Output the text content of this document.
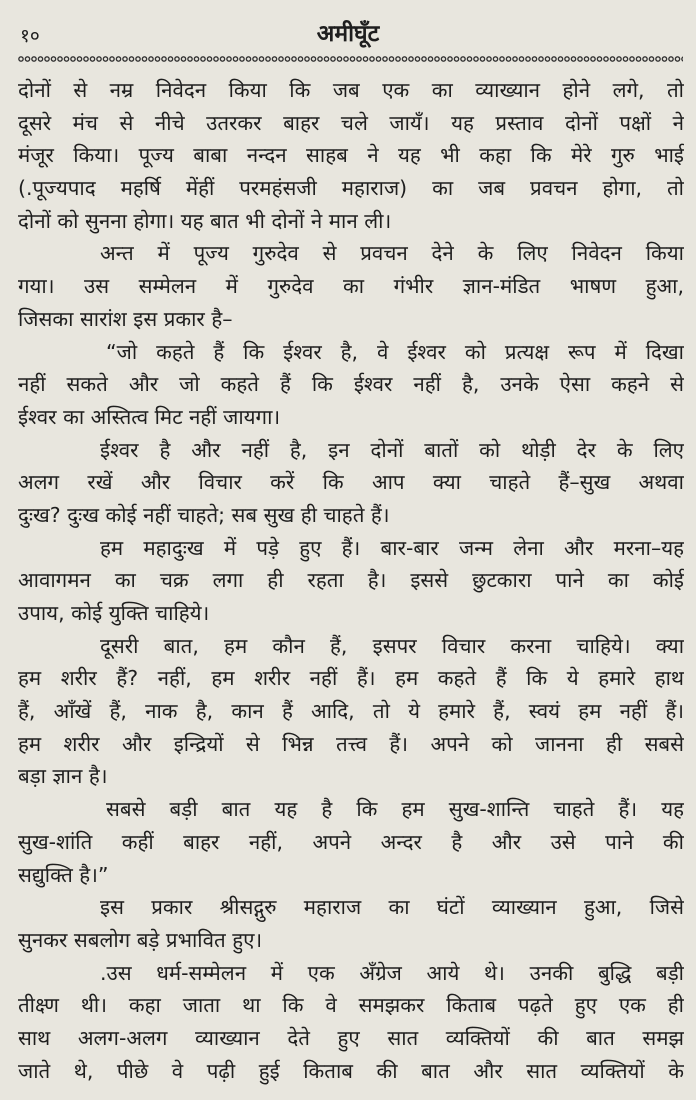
१०	अमीघूँट
दोनों से नम्र निवेदन किया कि जब एक का व्याख्यान होने लगे, तो
दूसरे मंच से नीचे उतरकर बाहर चले जायँ। यह प्रस्ताव दोनों पक्षों ने
मंजूर किया। पूज्य बाबा नन्दन साहब ने यह भी कहा कि मेरे गुरु भाई
(.पूज्यपाद महर्षि मेंहीं परमहंसजी महाराज) का जब प्रवचन होगा, तो
दोनों को सुनना होगा। यह बात भी दोनों ने मान ली।
अन्त में पूज्य गुरुदेव से प्रवचन देने के लिए निवेदन किया
गया। उस सम्मेलन में गुरुदेव का गंभीर ज्ञान-मंडित भाषण हुआ,
जिसका सारांश इस प्रकार है–
“जो कहते हैं कि ईश्वर है, वे ईश्वर को प्रत्यक्ष रूप में दिखा
नहीं सकते और जो कहते हैं कि ईश्वर नहीं है, उनके ऐसा कहने से
ईश्वर का अस्तित्व मिट नहीं जायगा।
ईश्वर है और नहीं है, इन दोनों बातों को थोड़ी देर के लिए
अलग रखें और विचार करें कि आप क्या चाहते हैं–सुख अथवा
दुःख? दुःख कोई नहीं चाहते; सब सुख ही चाहते हैं।
हम महादुःख में पड़े हुए हैं। बार-बार जन्म लेना और मरना–यह
आवागमन का चक्र लगा ही रहता है। इससे छुटकारा पाने का कोई
उपाय, कोई युक्ति चाहिये।
दूसरी बात, हम कौन हैं, इसपर विचार करना चाहिये। क्या
हम शरीर हैं? नहीं, हम शरीर नहीं हैं। हम कहते हैं कि ये हमारे हाथ
हैं, आँखें हैं, नाक है, कान हैं आदि, तो ये हमारे हैं, स्वयं हम नहीं हैं।
हम शरीर और इन्द्रियों से भिन्न तत्त्व हैं। अपने को जानना ही सबसे
बड़ा ज्ञान है।
सबसे बड़ी बात यह है कि हम सुख-शान्ति चाहते हैं। यह
सुख-शांति कहीं बाहर नहीं, अपने अन्दर है और उसे पाने की
सद्युक्ति है।”
इस प्रकार श्रीसद्गुरु महाराज का घंटों व्याख्यान हुआ, जिसे
सुनकर सबलोग बड़े प्रभावित हुए।
.उस धर्म-सम्मेलन में एक अँग्रेज आये थे। उनकी बुद्धि बड़ी
तीक्ष्ण थी। कहा जाता था कि वे समझकर किताब पढ़ते हुए एक ही
साथ अलग-अलग व्याख्यान देते हुए सात व्यक्तियों की बात समझ
जाते थे, पीछे वे पढ़ी हुई किताब की बात और सात व्यक्तियों के
